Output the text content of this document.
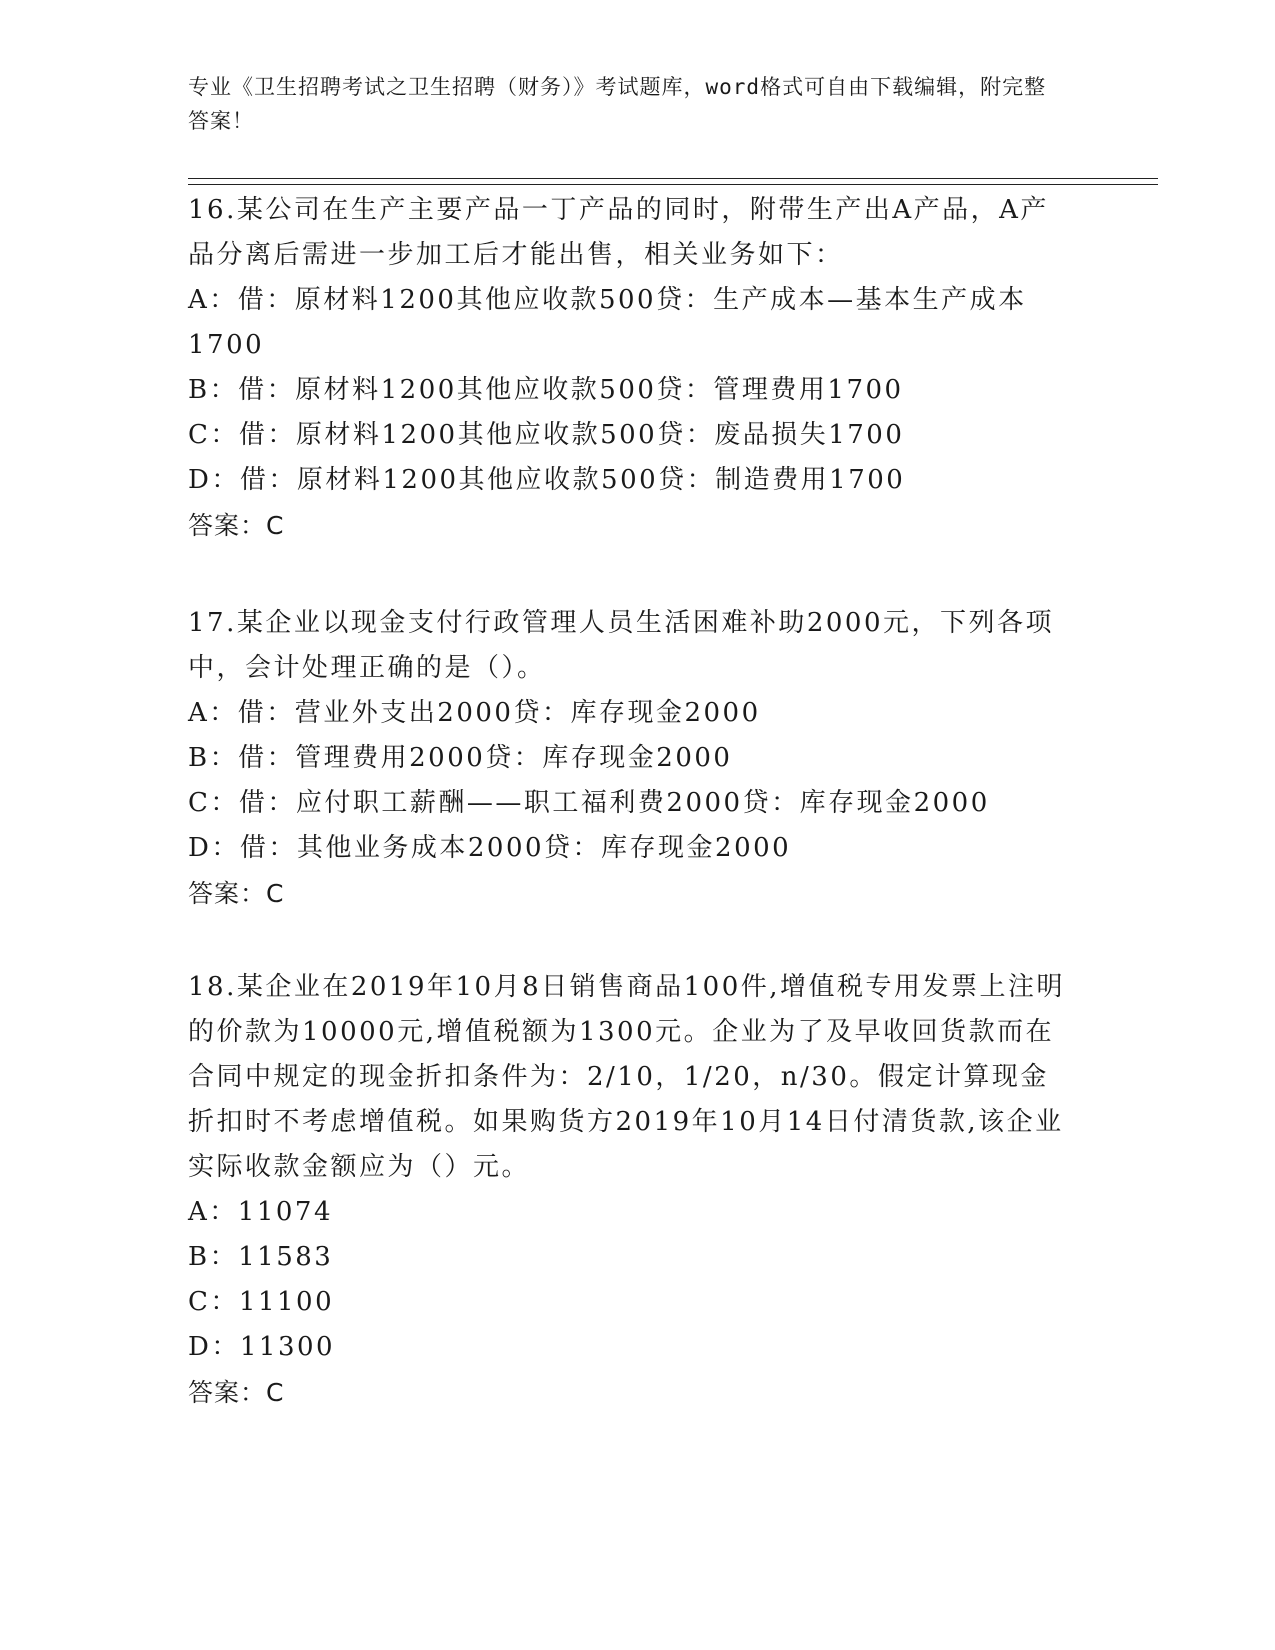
专业《卫生招聘考试之卫生招聘（财务）》考试题库，word格式可自由下载编辑，附完整答案！
16.某公司在生产主要产品一丁产品的同时，附带生产出A产品，A产品分离后需进一步加工后才能出售，相关业务如下：
A：借：原材料1200其他应收款500贷：生产成本—基本生产成本1700
B：借：原材料1200其他应收款500贷：管理费用1700
C：借：原材料1200其他应收款500贷：废品损失1700
D：借：原材料1200其他应收款500贷：制造费用1700
答案：C
17.某企业以现金支付行政管理人员生活困难补助2000元，下列各项中，会计处理正确的是（）。
A：借：营业外支出2000贷：库存现金2000
B：借：管理费用2000贷：库存现金2000
C：借：应付职工薪酬——职工福利费2000贷：库存现金2000
D：借：其他业务成本2000贷：库存现金2000
答案：C
18.某企业在2019年10月8日销售商品100件,增值税专用发票上注明的价款为10000元,增值税额为1300元。企业为了及早收回货款而在合同中规定的现金折扣条件为：2/10，1/20，n/30。假定计算现金折扣时不考虑增值税。如果购货方2019年10月14日付清货款,该企业实际收款金额应为（）元。
A：11074
B：11583
C：11100
D：11300
答案：C
